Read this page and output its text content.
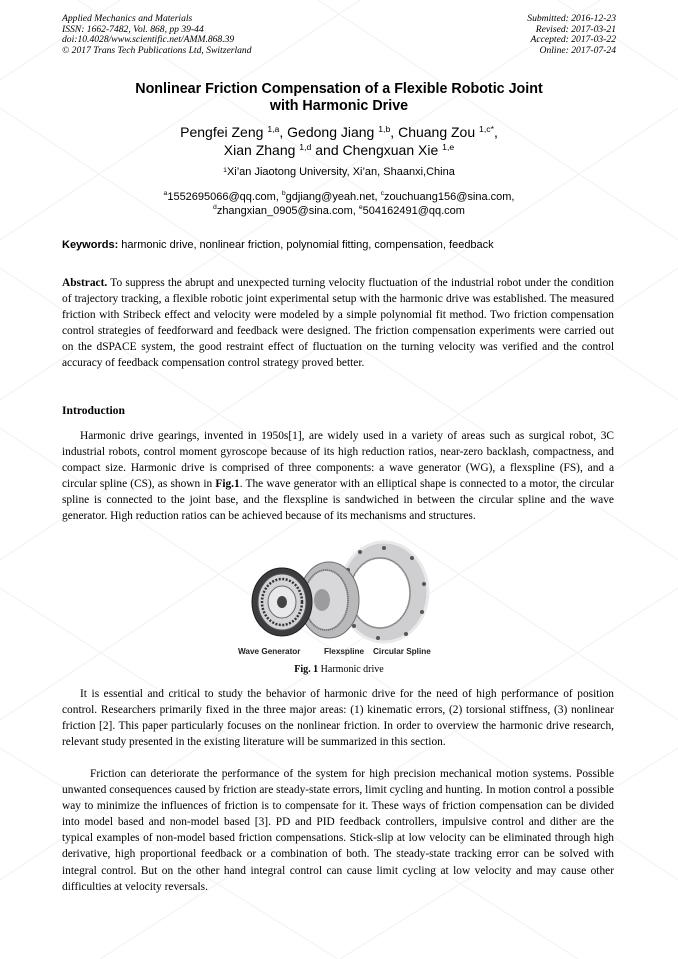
Applied Mechanics and Materials
ISSN: 1662-7482, Vol. 868, pp 39-44
doi:10.4028/www.scientific.net/AMM.868.39
© 2017 Trans Tech Publications Ltd, Switzerland
Submitted: 2016-12-23
Revised: 2017-03-21
Accepted: 2017-03-22
Online: 2017-07-24
Nonlinear Friction Compensation of a Flexible Robotic Joint
with Harmonic Drive
Pengfei Zeng $^{1,a}$, Gedong Jiang $^{1,b}$, Chuang Zou $^{1,c*}$,
Xian Zhang $^{1,d}$ and Chengxuan Xie $^{1,e}$
$^1$Xi’an Jiaotong University, Xi’an, Shaanxi,China
$^a$1552695066@qq.com, $^b$gdjiang@yeah.net, $^c$zouchuang156@sina.com,
$^d$zhangxian_0905@sina.com, $^e$504162491@qq.com
Keywords: harmonic drive, nonlinear friction, polynomial fitting, compensation, feedback
Abstract. To suppress the abrupt and unexpected turning velocity fluctuation of the industrial robot under the condition of trajectory tracking, a flexible robotic joint experimental setup with the harmonic drive was established. The measured friction with Stribeck effect and velocity were modeled by a simple polynomial fit method. Two friction compensation control strategies of feedforward and feedback were designed. The friction compensation experiments were carried out on the dSPACE system, the good restraint effect of fluctuation on the turning velocity was verified and the control accuracy of feedback compensation control strategy proved better.
Introduction
Harmonic drive gearings, invented in 1950s[1], are widely used in a variety of areas such as surgical robot, 3C industrial robots, control moment gyroscope because of its high reduction ratios, near-zero backlash, compactness, and compact size. Harmonic drive is comprised of three components: a wave generator (WG), a flexspline (FS), and a circular spline (CS), as shown in Fig.1. The wave generator with an elliptical shape is connected to a motor, the circular spline is connected to the joint base, and the flexspline is sandwiched in between the circular spline and the wave generator. High reduction ratios can be achieved because of its mechanisms and structures.
Wave Generator	Flexspline Circular Spline
Fig. 1 Harmonic drive
It is essential and critical to study the behavior of harmonic drive for the need of high performance of position control. Researchers primarily fixed in the three major areas: (1) kinematic errors, (2) torsional stiffness, (3) nonlinear friction [2]. This paper particularly focuses on the nonlinear friction. In order to overview the harmonic drive research, relevant study presented in the existing literature will be summarized in this section.
Friction can deteriorate the performance of the system for high precision mechanical motion systems. Possible unwanted consequences caused by friction are steady-state errors, limit cycling and hunting. In motion control a possible way to minimize the influences of friction is to compensate for it. These ways of friction compensation can be divided into model based and non-model based [3]. PD and PID feedback controllers, impulsive control and dither are the typical examples of non-model based friction compensations. Stick-slip at low velocity can be eliminated through high derivative, high proportional feedback or a combination of both. The steady-state tracking error can be solved with integral control. But on the other hand integral control can cause limit cycling at low velocity and may cause other difficulties at velocity reversals.
